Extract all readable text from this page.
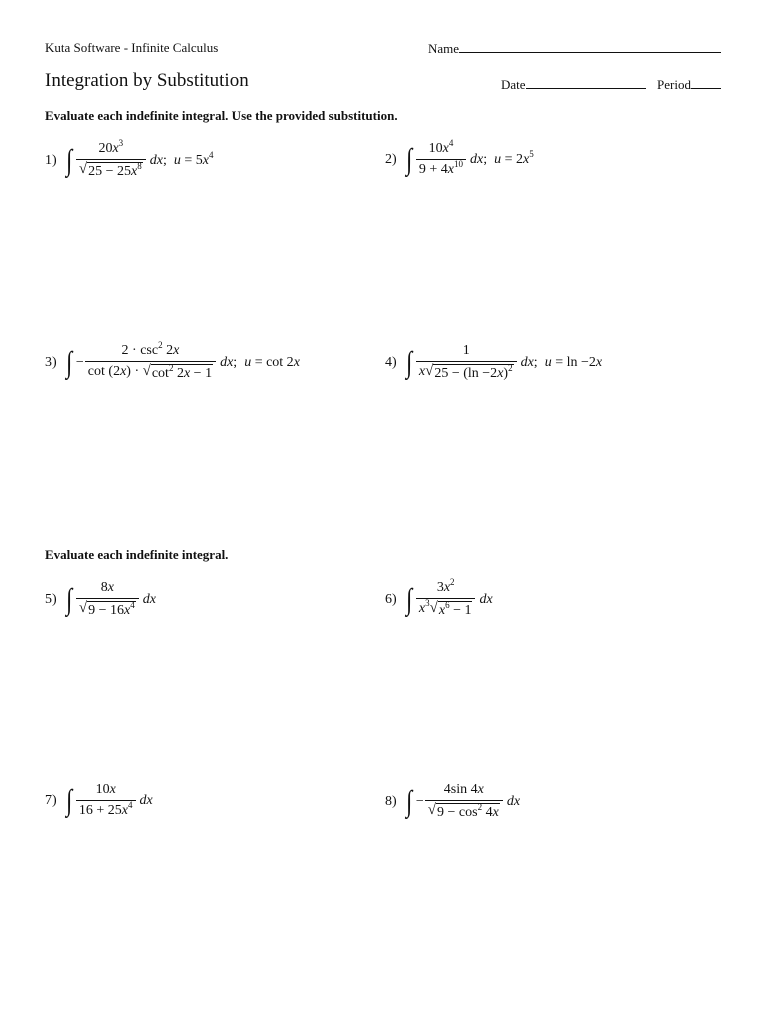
Kuta Software - Infinite Calculus	Name
Integration by Substitution	Date	Period
Evaluate each indefinite integral. Use the provided substitution.
1) ∫ $\frac{20x^3}{√ 25 - 25x^8}$ dx;  $u = 5x^4$	2) ∫ $\frac{10x^4}{9 + 4x^{10}}$ dx;  $u = 2x^5$
3) ∫ − $\frac{2 \cdot \csc^2 2x}{\cot (2x) \cdot √ \cot^2 2x - 1}$ dx;  u = cot 2x	4) ∫ $\frac{1}{x √ 25 - (\ln -2x)^2}$ dx;  u = ln −2x
Evaluate each indefinite integral.
5) ∫ $\frac{8x}{√ 9 - 16x^4}$ dx	6) ∫ $\frac{3x^2}{x^3 √ x^6 - 1}$ dx
7) ∫ $\frac{10x}{16 + 25x^4}$ dx	8) ∫ − $\frac{4\sin 4x}{√ 9 - \cos^2 4x}$ dx
